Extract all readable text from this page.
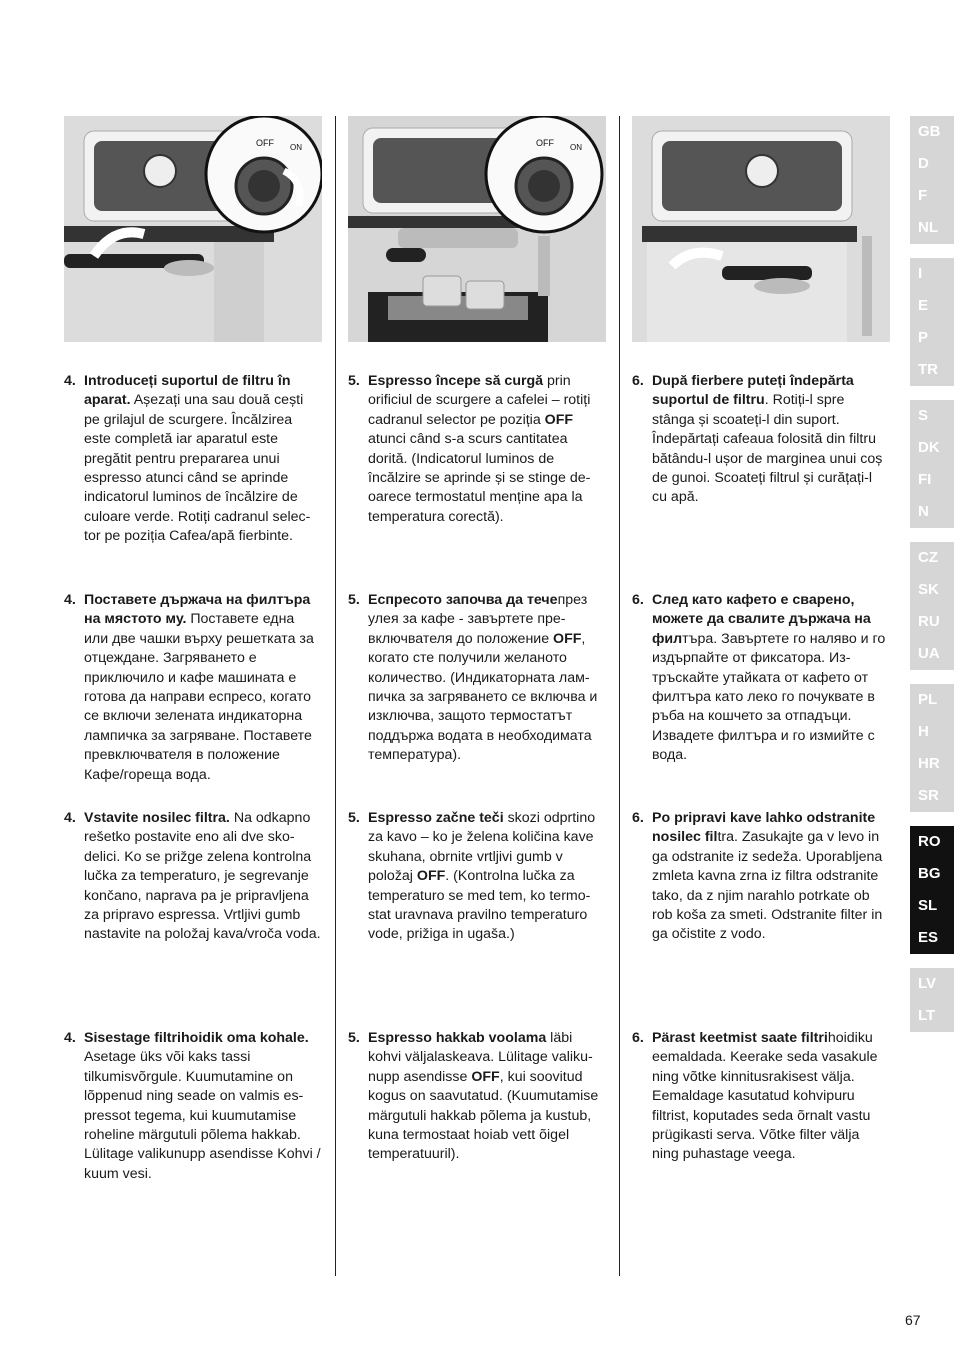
OFF ON	OFF ON
4. Introduceți suportul de filtru în aparat. Așezați una sau două cești pe grilajul de scurgere. Încălzirea este completă iar aparatul este pregătit pentru prepararea unui espresso atunci când se aprinde indicatorul luminos de încălzire de culoare verde. Rotiți cadranul selector pe poziția Cafea/apă fierbinte.
4. Поставете държача на филтъра на мястото му. Поставете една или две чашки върху решетката за отцеждане. Загряването е приключило и кафе машината е готова да направи еспресо, когато се включи зелената индикаторна лампичка за загряване. Поставете превключвателя в положение Кафе/гореща вода.
4. Vstavite nosilec filtra. Na odkapno rešetko postavite eno ali dve skodelici. Ko se prižge zelena kontrolna lučka za temperaturo, je segrevanje končano, naprava pa je pripravljena za pripravo espressa. Vrtljivi gumb nastavite na položaj kava/vroča voda.
4. Sisestage filtrihoidik oma kohale. Asetage üks või kaks tassi tilkumisvõrgule. Kuumutamine on lõppenud ning seade on valmis espressot tegema, kui kuumutamise roheline märgutuli põlema hakkab. Lülitage valikunupp asendisse Kohvi / kuum vesi.
5. Espresso începe să curgă prin orificiul de scurgere a cafelei – rotiți cadranul selector pe poziția OFF atunci când s-a scurs cantitatea dorită. (Indicatorul luminos de încălzire se aprinde și se stinge deoarece termostatul menține apa la temperatura corectă).
5. Еспресото започва да течепрез улея за кафе - завъртете превключвателя до положение OFF, когато сте получили желаното количество. (Индикаторната лампичка за загряването се включва и изключва, защото термостатът поддържа водата в необходимата температура).
5. Espresso začne teči skozi odprtino za kavo – ko je želena količina kave skuhana, obrnite vrtljivi gumb v položaj OFF. (Kontrolna lučka za temperaturo se med tem, ko termostat uravnava pravilno temperaturo vode, prižiga in ugaša.)
5. Espresso hakkab voolama läbi kohvi väljalaskeava. Lülitage valikunupp asendisse OFF, kui soovitud kogus on saavutatud. (Kuumutamise märgutuli hakkab põlema ja kustub, kuna termostaat hoiab vett õigel temperatuuril).
6. După fierbere puteți îndepărta suportul de filtru. Rotiți-l spre stânga și scoateți-l din suport. Îndepărtați cafeaua folosită din filtru bătându-l ușor de marginea unui coș de gunoi. Scoateți filtrul și curățați-l cu apă.
6. След като кафето е сварено, можете да свалите държача на филтъра. Завъртете го наляво и го издърпайте от фиксатора. Изтръскайте утайката от кафето от филтъра като леко го почуквате в ръба на кошчето за отпадъци. Извадете филтъра и го измийте с вода.
6. Po pripravi kave lahko odstranite nosilec filtra. Zasukajte ga v levo in ga odstranite iz sedeža. Uporabljena zmleta kavna zrna iz filtra odstranite tako, da z njim narahlo potrkate ob rob koša za smeti. Odstranite filter in ga očistite z vodo.
6. Pärast keetmist saate filtrihoidiku eemaldada. Keerake seda vasakule ning võtke kinnitusrakisest välja. Eemaldage kasutatud kohvipuru filtrist, koputades seda õrnalt vastu prügikasti serva. Võtke filter välja ning puhastage veega.
GB
D
F
NL
I
E
P
TR
S
DK
FI
N
CZ
SK
RU
UA
PL
H
HR
SR
RO
BG
SL
ES
LV
LT
67
